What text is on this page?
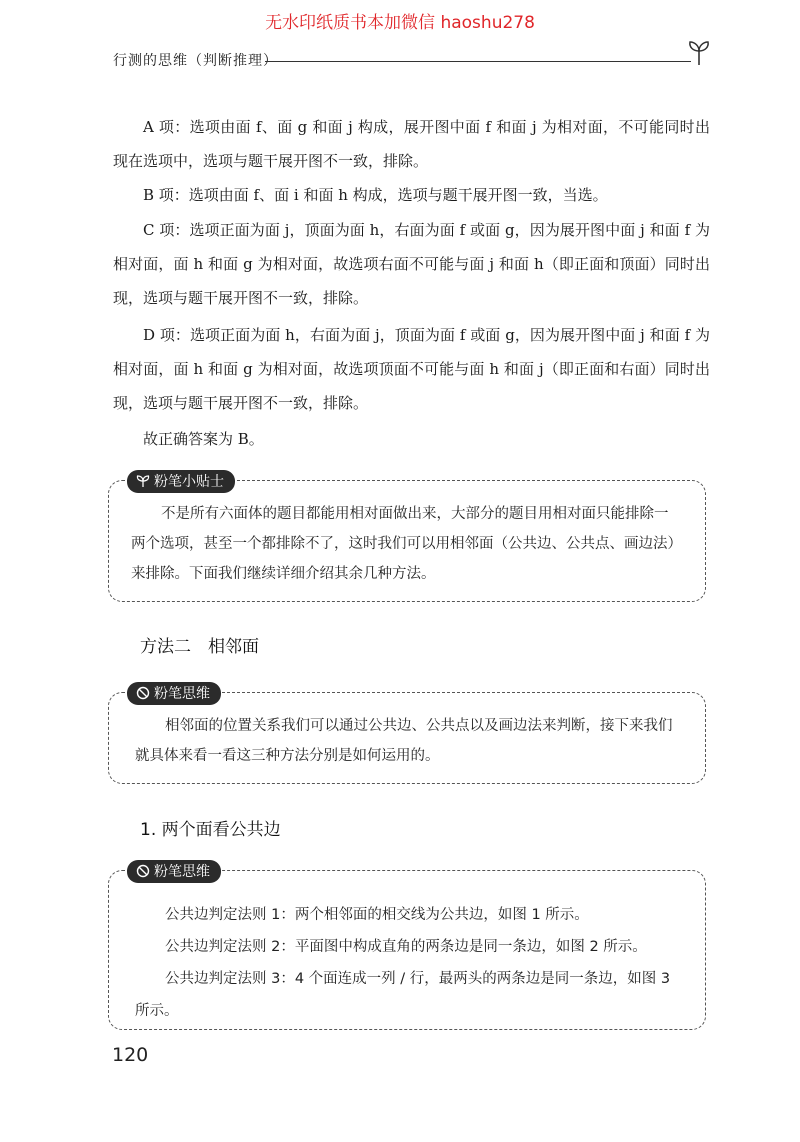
无水印纸质书本加微信 haoshu278
行测的思维（判断推理）

A 项：选项由面 f、面 g 和面 j 构成，展开图中面 f 和面 j 为相对面，不可能同时出现在选项中，选项与题干展开图不一致，排除。

B 项：选项由面 f、面 i 和面 h 构成，选项与题干展开图一致，当选。

C 项：选项正面为面 j，顶面为面 h，右面为面 f 或面 g，因为展开图中面 j 和面 f 为相对面，面 h 和面 g 为相对面，故选项右面不可能与面 j 和面 h（即正面和顶面）同时出现，选项与题干展开图不一致，排除。

D 项：选项正面为面 h，右面为面 j，顶面为面 f 或面 g，因为展开图中面 j 和面 f 为相对面，面 h 和面 g 为相对面，故选项顶面不可能与面 h 和面 j（即正面和右面）同时出现，选项与题干展开图不一致，排除。

故正确答案为 B。
粉笔小贴士

不是所有六面体的题目都能用相对面做出来，大部分的题目用相对面只能排除一两个选项，甚至一个都排除不了，这时我们可以用相邻面（公共边、公共点、画边法）来排除。下面我们继续详细介绍其余几种方法。

方法二　相邻面
粉笔思维

相邻面的位置关系我们可以通过公共边、公共点以及画边法来判断，接下来我们就具体来看一看这三种方法分别是如何运用的。

1. 两个面看公共边
粉笔思维

公共边判定法则 1：两个相邻面的相交线为公共边，如图 1 所示。

公共边判定法则 2：平面图中构成直角的两条边是同一条边，如图 2 所示。

公共边判定法则 3：4 个面连成一列 / 行，最两头的两条边是同一条边，如图 3 所示。

120
